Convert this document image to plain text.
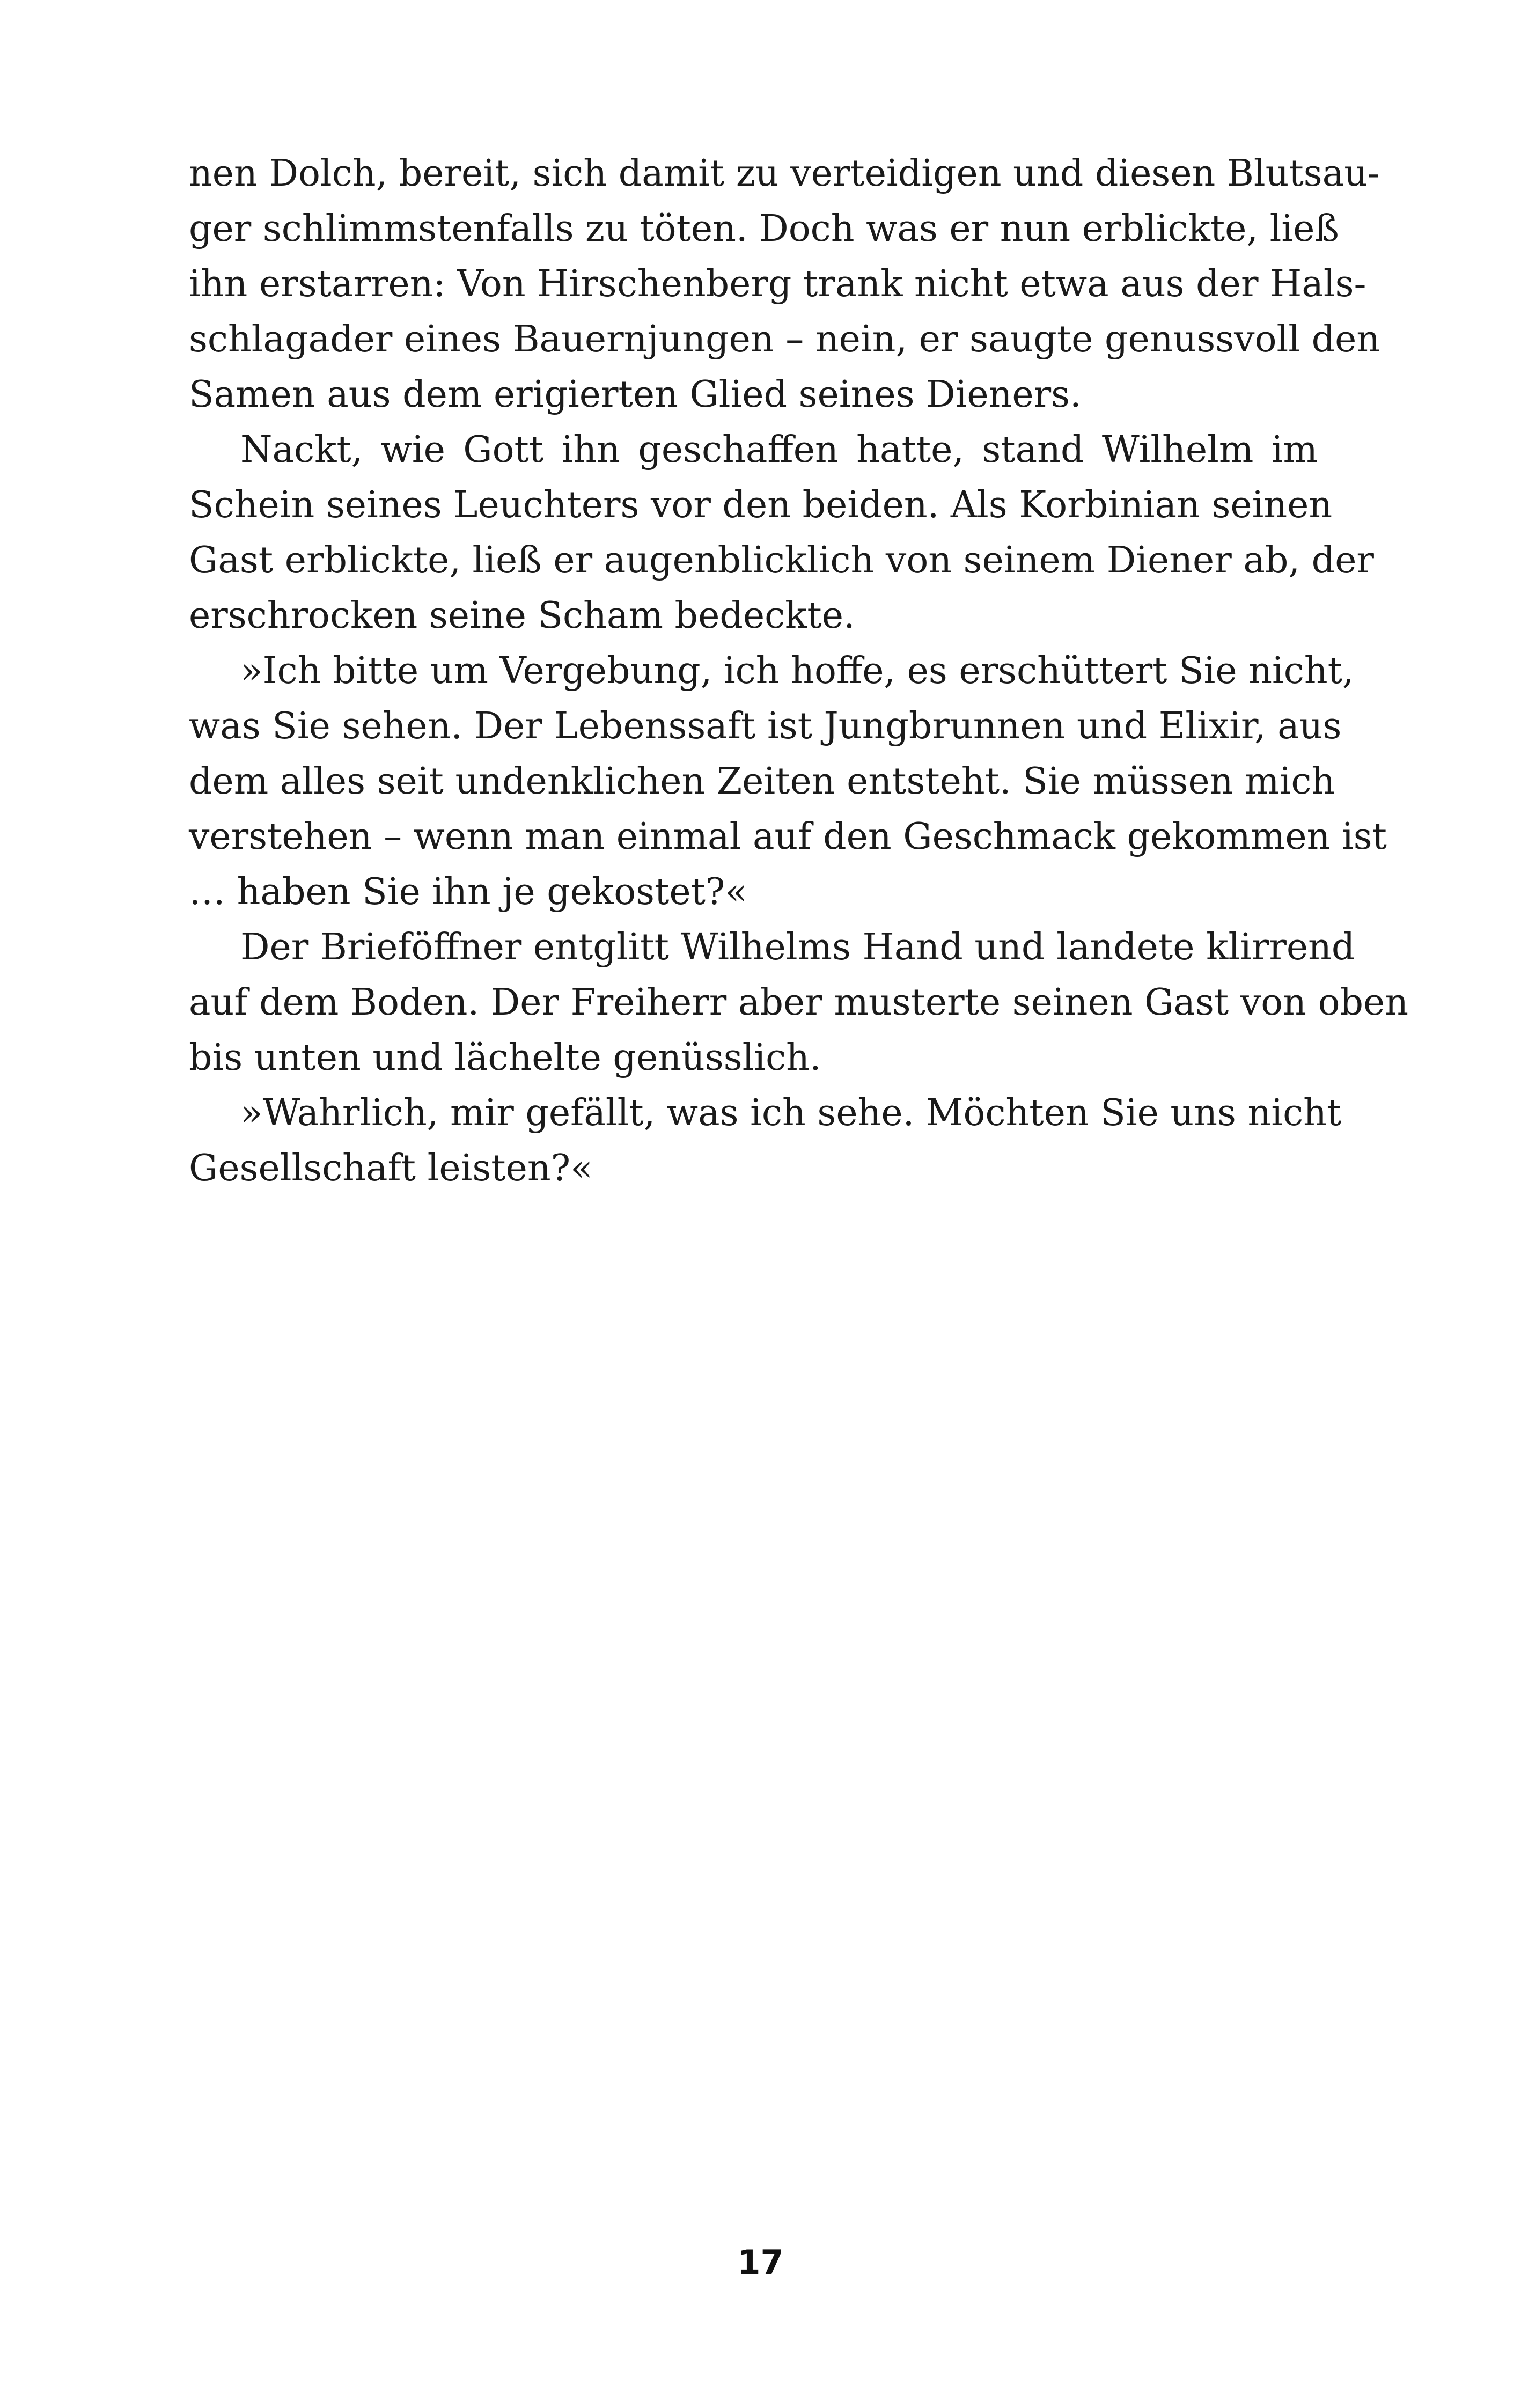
nen Dolch, bereit, sich damit zu verteidigen und diesen Blutsau-
ger schlimmstenfalls zu töten. Doch was er nun erblickte, ließ
ihn erstarren: Von Hirschenberg trank nicht etwa aus der Hals-
schlagader eines Bauernjungen – nein, er saugte genussvoll den
Samen aus dem erigierten Glied seines Dieners.
Nackt, wie Gott ihn geschaffen hatte, stand Wilhelm im
Schein seines Leuchters vor den beiden. Als Korbinian seinen
Gast erblickte, ließ er augenblicklich von seinem Diener ab, der
erschrocken seine Scham bedeckte.
»Ich bitte um Vergebung, ich hoffe, es erschüttert Sie nicht,
was Sie sehen. Der Lebenssaft ist Jungbrunnen und Elixir, aus
dem alles seit undenklichen Zeiten entsteht. Sie müssen mich
verstehen – wenn man einmal auf den Geschmack gekommen ist
… haben Sie ihn je gekostet?«
Der Brieföffner entglitt Wilhelms Hand und landete klirrend
auf dem Boden. Der Freiherr aber musterte seinen Gast von oben
bis unten und lächelte genüsslich.
»Wahrlich, mir gefällt, was ich sehe. Möchten Sie uns nicht
Gesellschaft leisten?«
17
